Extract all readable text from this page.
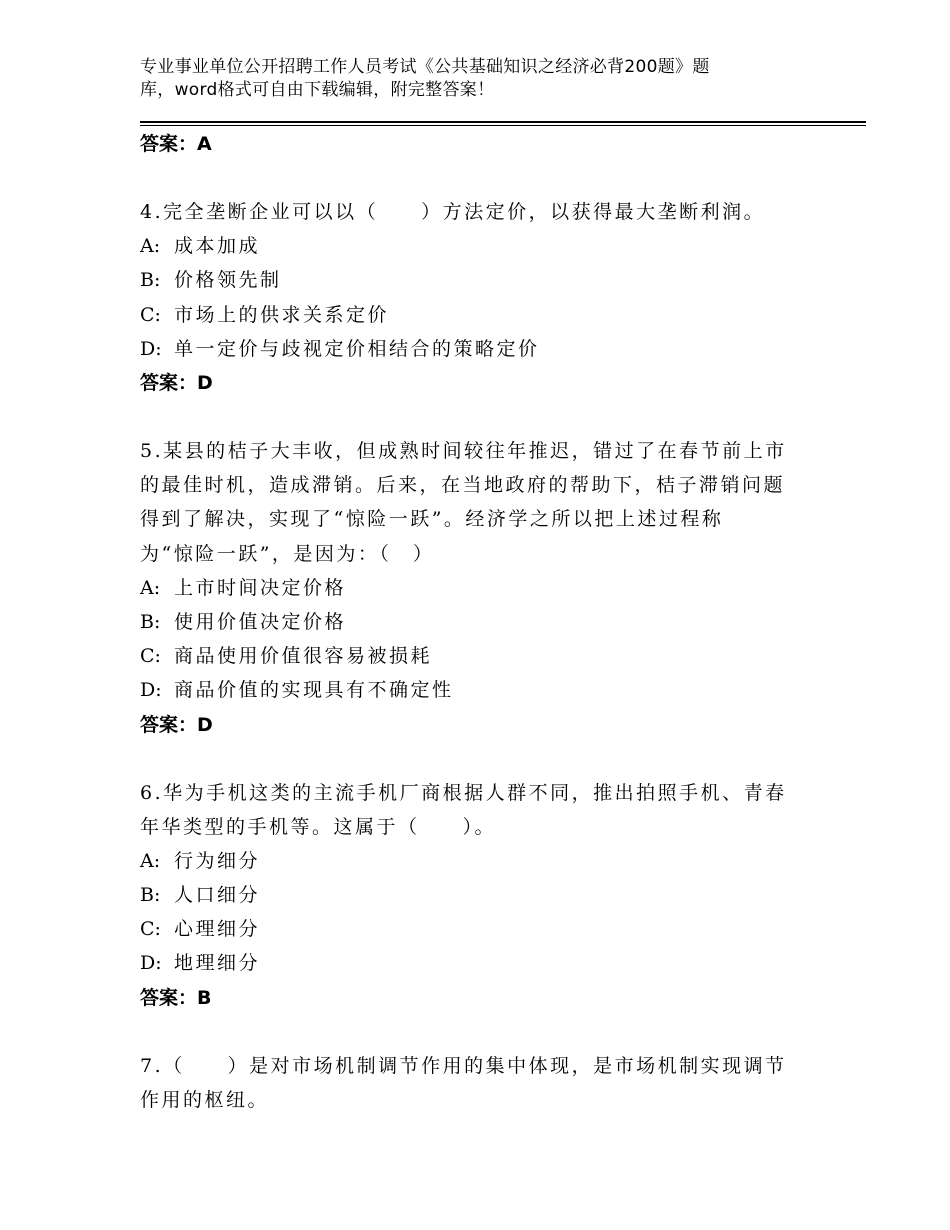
专业事业单位公开招聘工作人员考试《公共基础知识之经济必背200题》题
库，word格式可自由下载编辑，附完整答案！
答案：A
4.完全垄断企业可以以（　　）方法定价，以获得最大垄断利润。
A: 成本加成
B: 价格领先制
C: 市场上的供求关系定价
D: 单一定价与歧视定价相结合的策略定价
答案：D
5.某县的桔子大丰收，但成熟时间较往年推迟，错过了在春节前上市
的最佳时机，造成滞销。后来，在当地政府的帮助下，桔子滞销问题
得到了解决，实现了“惊险一跃”。经济学之所以把上述过程称
为“惊险一跃”，是因为：（　）
A: 上市时间决定价格
B: 使用价值决定价格
C: 商品使用价值很容易被损耗
D: 商品价值的实现具有不确定性
答案：D
6.华为手机这类的主流手机厂商根据人群不同，推出拍照手机、青春
年华类型的手机等。这属于（　　）。
A: 行为细分
B: 人口细分
C: 心理细分
D: 地理细分
答案：B
7.（　　）是对市场机制调节作用的集中体现，是市场机制实现调节
作用的枢纽。
